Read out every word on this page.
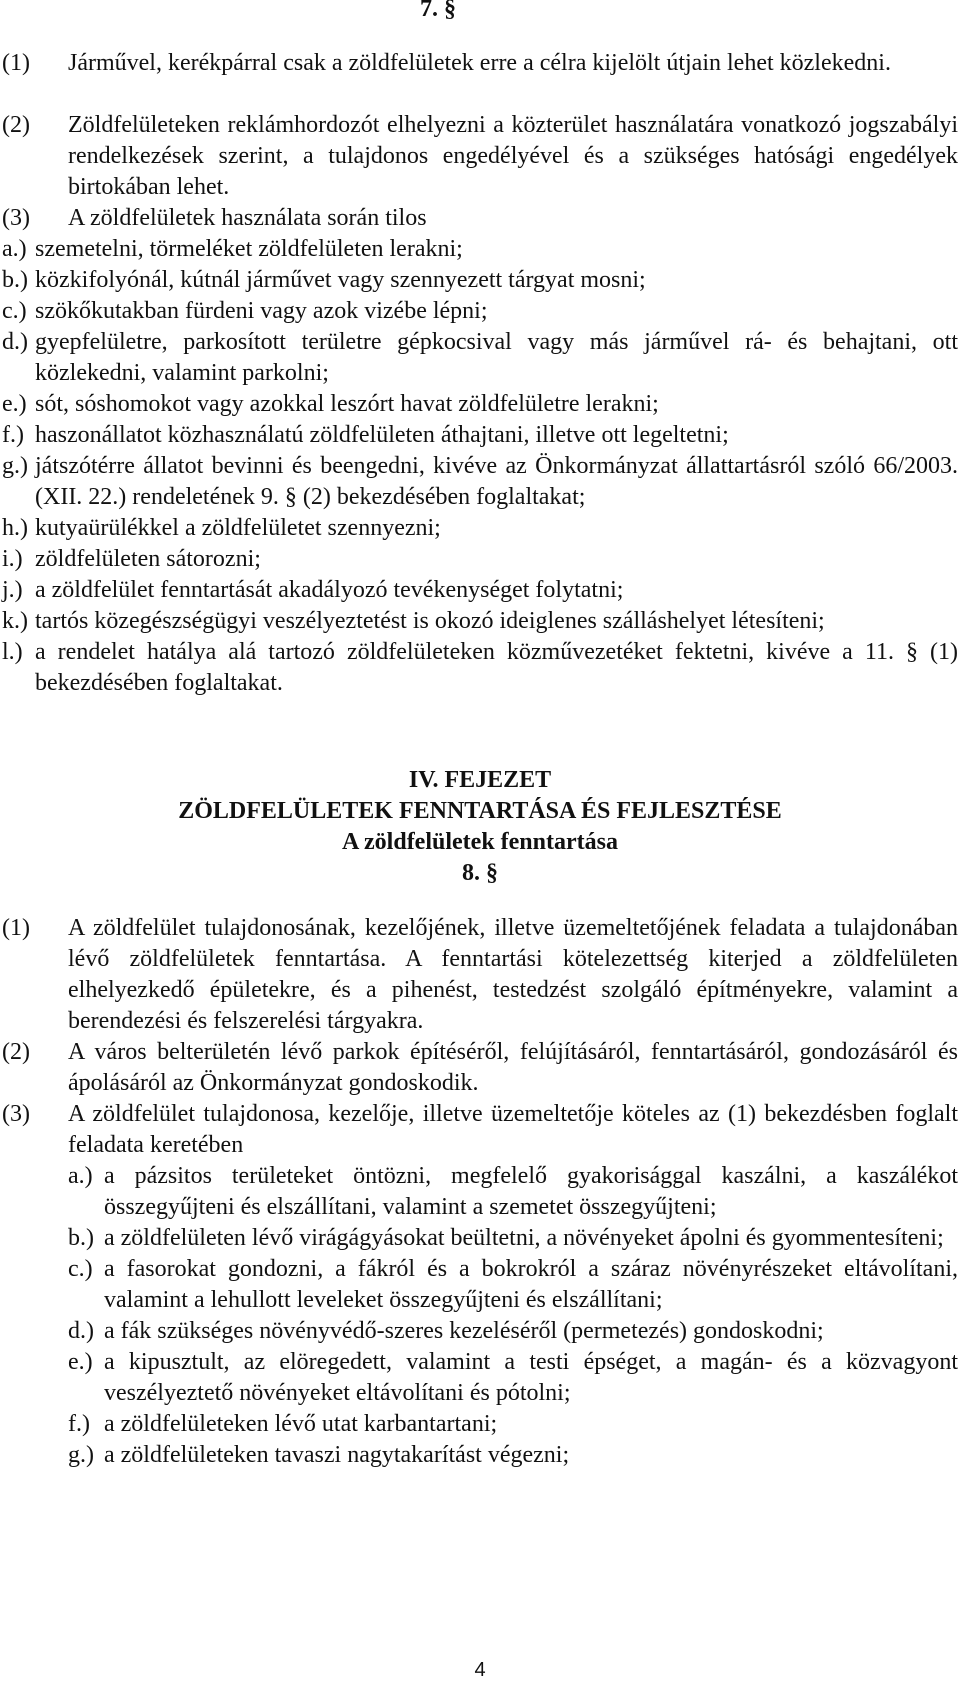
7. §
(1) Járművel, kerékpárral csak a zöldfelületek erre a célra kijelölt útjain lehet közlekedni.
(2) Zöldfelületeken reklámhordozót elhelyezni a közterület használatára vonatkozó jogszabályi rendelkezések szerint, a tulajdonos engedélyével és a szükséges hatósági engedélyek birtokában lehet.
(3) A zöldfelületek használata során tilos
a.) szemetelni, törmeléket zöldfelületen lerakni;
b.) közkifolyónál, kútnál járművet vagy szennyezett tárgyat mosni;
c.) szökőkutakban fürdeni vagy azok vizébe lépni;
d.) gyepfelületre, parkosított területre gépkocsival vagy más járművel rá- és behajtani, ott közlekedni, valamint parkolni;
e.) sót, sóshomokot vagy azokkal leszórt havat zöldfelületre lerakni;
f.) haszonállatot közhasználatú zöldfelületen áthajtani, illetve ott legeltetni;
g.) játszótérre állatot bevinni és beengedni, kivéve az Önkormányzat állattartásról szóló 66/2003. (XII. 22.) rendeletének 9. § (2) bekezdésében foglaltakat;
h.) kutyaürülékkel a zöldfelületet szennyezni;
i.) zöldfelületen sátorozni;
j.) a zöldfelület fenntartását akadályozó tevékenységet folytatni;
k.) tartós közegészségügyi veszélyeztetést is okozó ideiglenes szálláshelyet létesíteni;
l.) a rendelet hatálya alá tartozó zöldfelületeken közművezetéket fektetni, kivéve a 11. § (1) bekezdésében foglaltakat.
IV. FEJEZET
ZÖLDFELÜLETEK FENNTARTÁSA ÉS FEJLESZTÉSE
A zöldfelületek fenntartása
8. §
(1) A zöldfelület tulajdonosának, kezelőjének, illetve üzemeltetőjének feladata a tulajdonában lévő zöldfelületek fenntartása. A fenntartási kötelezettség kiterjed a zöldfelületen elhelyezkedő épületekre, és a pihenést, testedzést szolgáló építményekre, valamint a berendezési és felszerelési tárgyakra.
(2) A város belterületén lévő parkok építéséről, felújításáról, fenntartásáról, gondozásáról és ápolásáról az Önkormányzat gondoskodik.
(3) A zöldfelület tulajdonosa, kezelője, illetve üzemeltetője köteles az (1) bekezdésben foglalt feladata keretében
a.) a pázsitos területeket öntözni, megfelelő gyakorisággal kaszálni, a kaszálékot összegyűjteni és elszállítani, valamint a szemetet összegyűjteni;
b.) a zöldfelületen lévő virágágyásokat beültetni, a növényeket ápolni és gyommentesíteni;
c.) a fasorokat gondozni, a fákról és a bokrokról a száraz növényrészeket eltávolítani, valamint a lehullott leveleket összegyűjteni és elszállítani;
d.) a fák szükséges növényvédő-szeres kezeléséről (permetezés) gondoskodni;
e.) a kipusztult, az elöregedett, valamint a testi épséget, a magán- és a közvagyont veszélyeztető növényeket eltávolítani és pótolni;
f.) a zöldfelületeken lévő utat karbantartani;
g.) a zöldfelületeken tavaszi nagytakarítást végezni;
4
